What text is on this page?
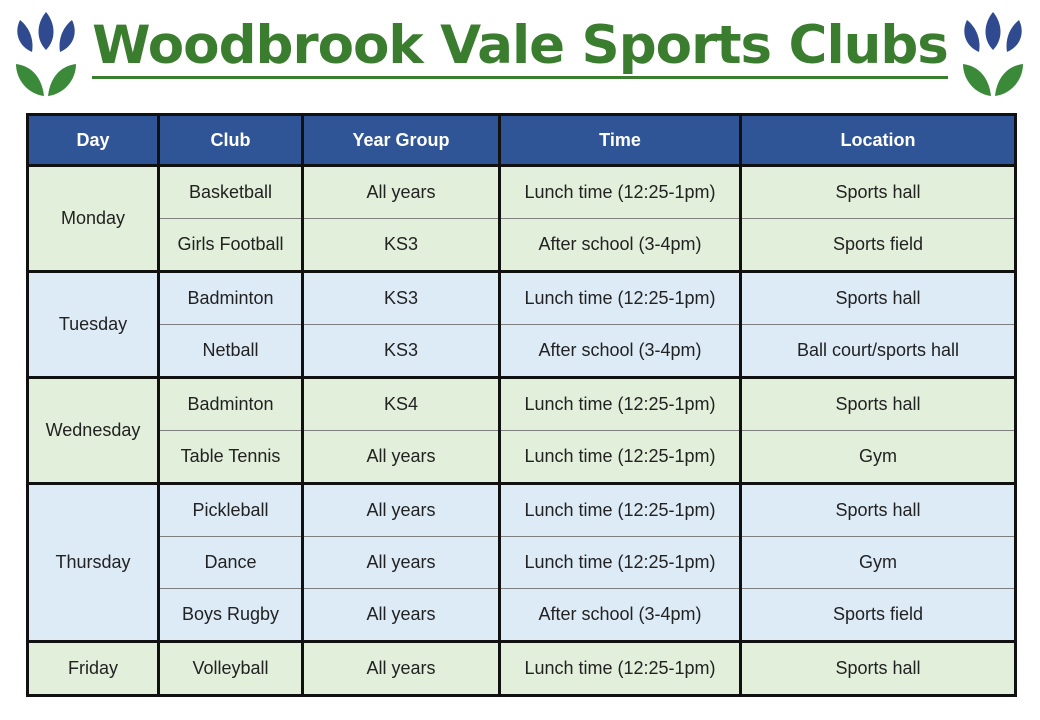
Woodbrook Vale Sports Clubs
Day	Club	Year Group	Time	Location
Monday	Basketball	All years	Lunch time (12:25-1pm)	Sports hall
	Girls Football	KS3	After school (3-4pm)	Sports field
Tuesday	Badminton	KS3	Lunch time (12:25-1pm)	Sports hall
	Netball	KS3	After school (3-4pm)	Ball court/sports hall
Wednesday	Badminton	KS4	Lunch time (12:25-1pm)	Sports hall
	Table Tennis	All years	Lunch time (12:25-1pm)	Gym
Thursday	Pickleball	All years	Lunch time (12:25-1pm)	Sports hall
	Dance	All years	Lunch time (12:25-1pm)	Gym
	Boys Rugby	All years	After school (3-4pm)	Sports field
Friday	Volleyball	All years	Lunch time (12:25-1pm)	Sports hall
